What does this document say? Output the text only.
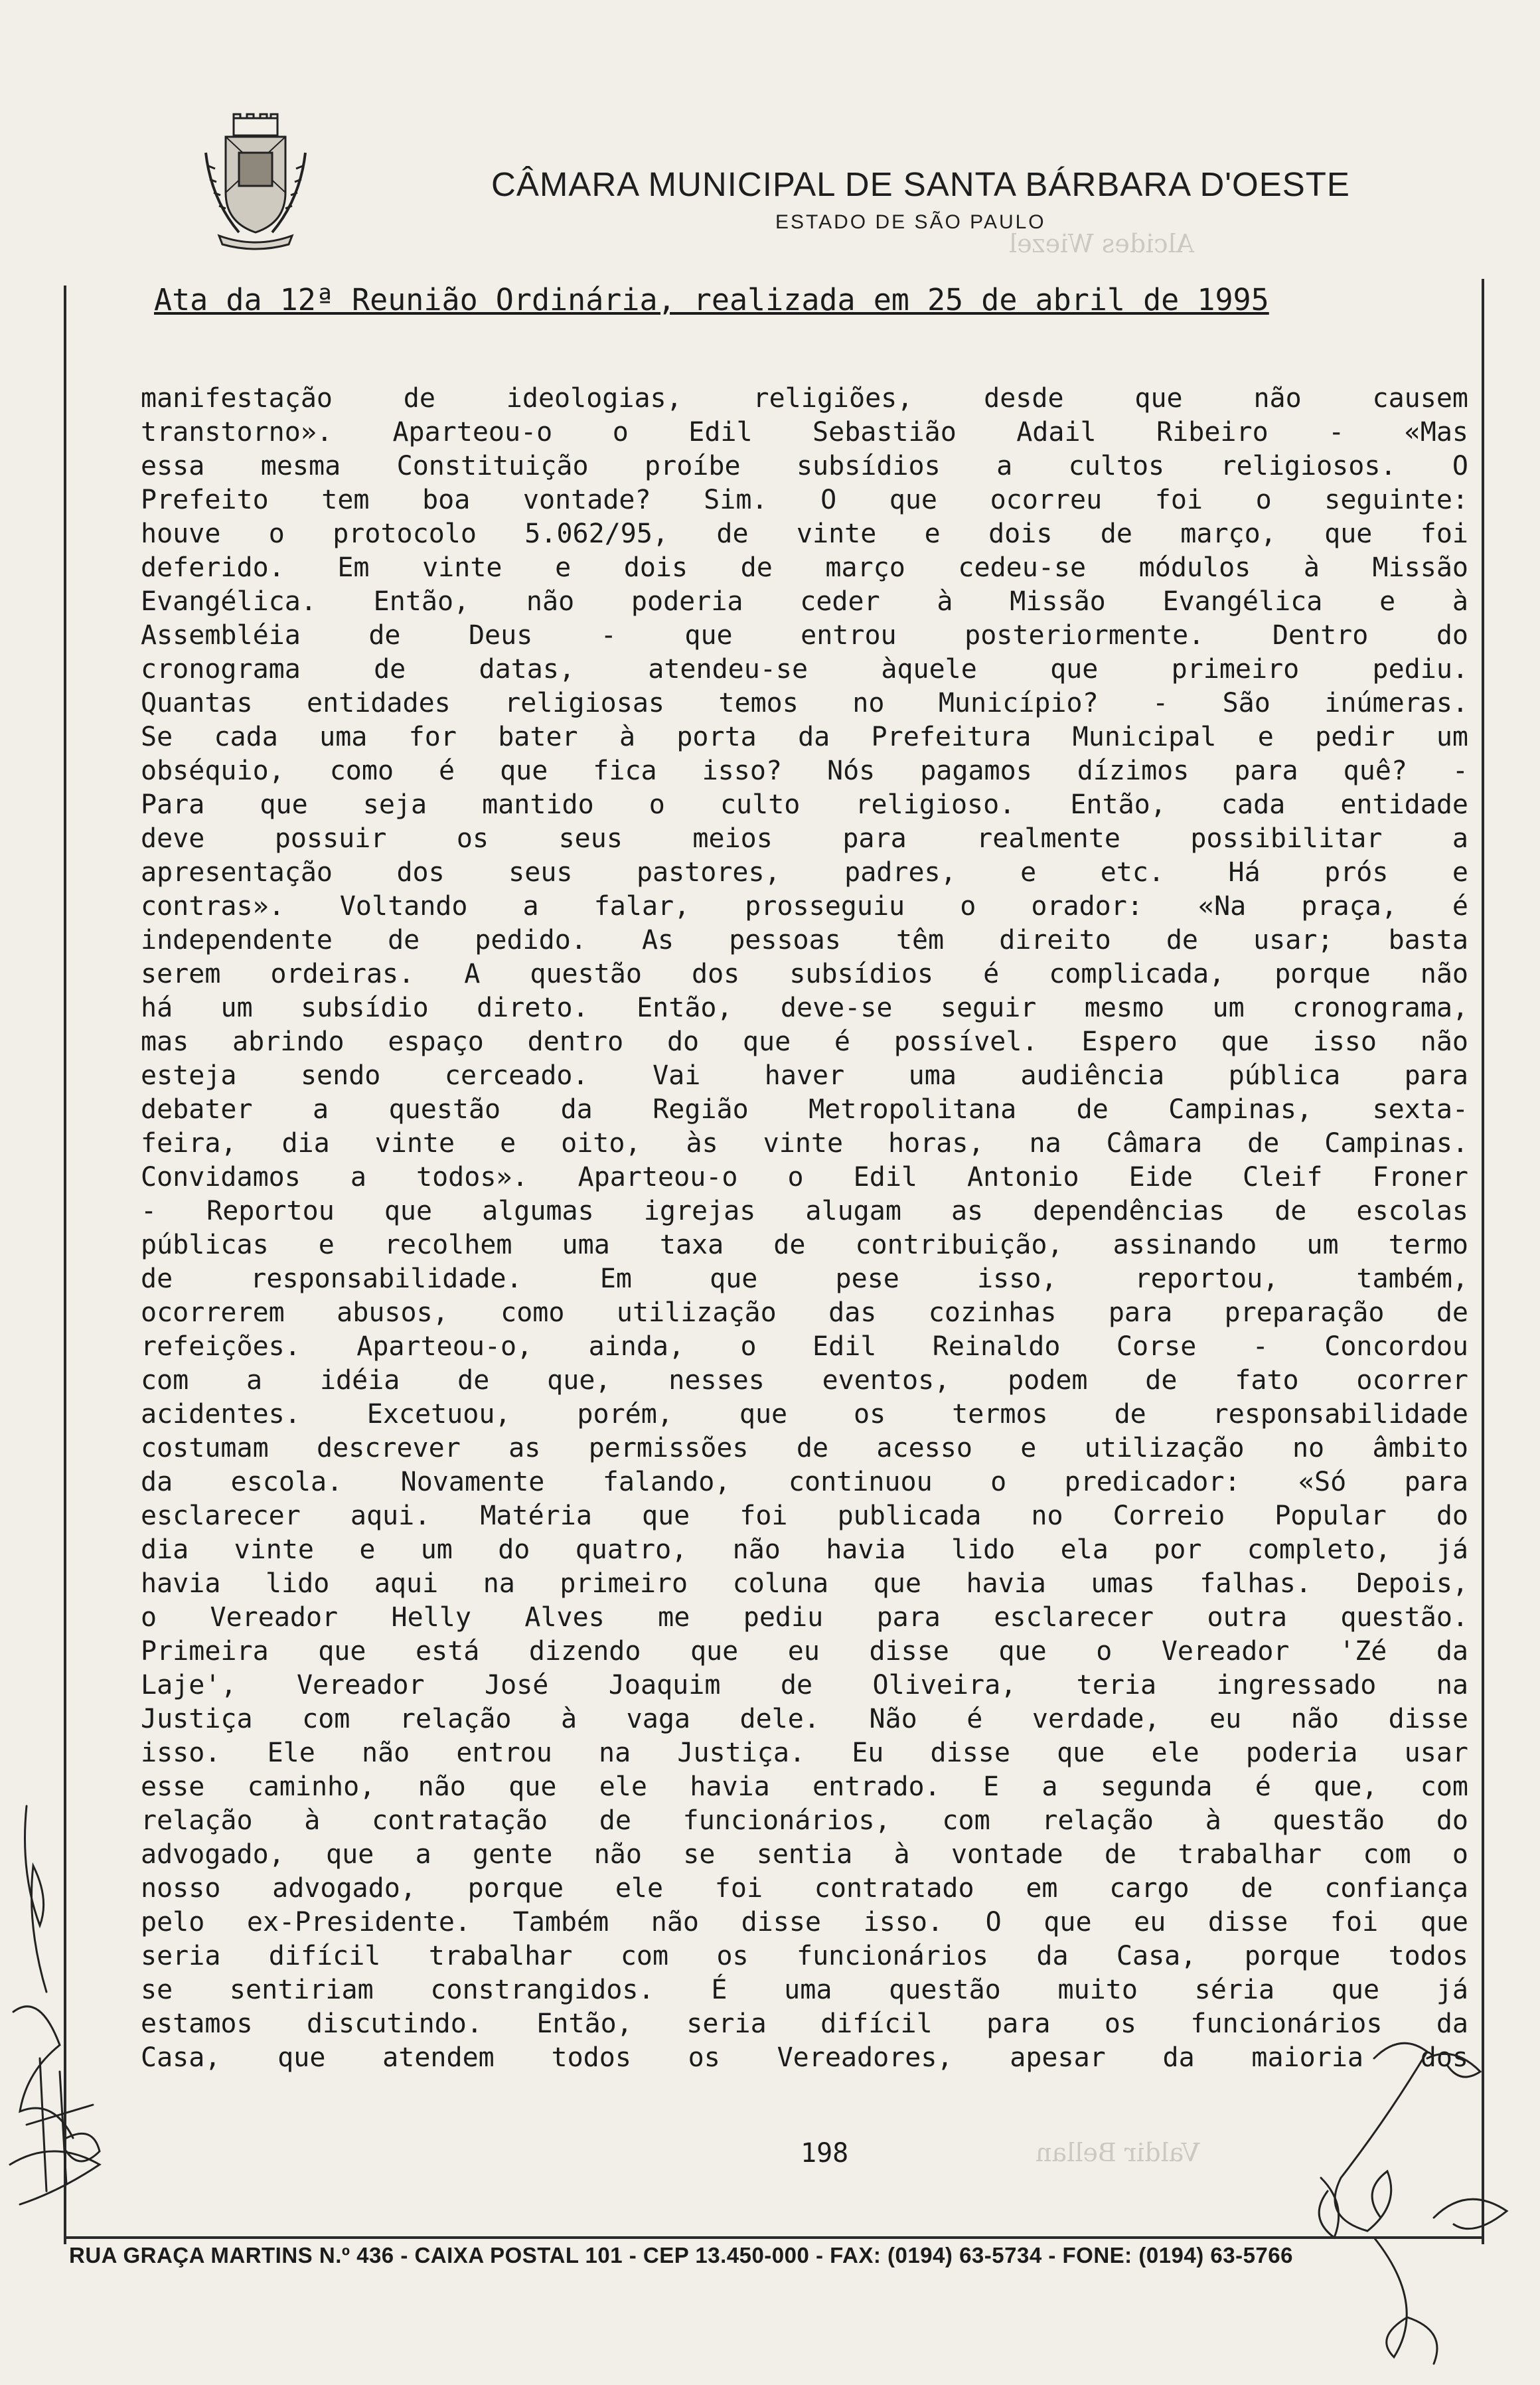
Alcides Wiezel
Valdir Bellan
CÂMARA MUNICIPAL DE SANTA BÁRBARA D'OESTE
ESTADO DE SÃO PAULO
Ata da 12ª Reunião Ordinária, realizada em 25 de abril de 1995
manifestação de ideologias, religiões, desde que não causem
transtorno». Aparteou-o o Edil Sebastião Adail Ribeiro - «Mas
essa mesma Constituição proíbe subsídios a cultos religiosos. O
Prefeito tem boa vontade? Sim. O que ocorreu foi o seguinte:
houve o protocolo 5.062/95, de vinte e dois de março, que foi
deferido. Em vinte e dois de março cedeu-se módulos à Missão
Evangélica. Então, não poderia ceder à Missão Evangélica e à
Assembléia de Deus - que entrou posteriormente. Dentro do
cronograma de datas, atendeu-se àquele que primeiro pediu.
Quantas entidades religiosas temos no Município? - São inúmeras.
Se cada uma for bater à porta da Prefeitura Municipal e pedir um
obséquio, como é que fica isso? Nós pagamos dízimos para quê? -
Para que seja mantido o culto religioso. Então, cada entidade
deve possuir os seus meios para realmente possibilitar a
apresentação dos seus pastores, padres, e etc. Há prós e
contras». Voltando a falar, prosseguiu o orador: «Na praça, é
independente de pedido. As pessoas têm direito de usar; basta
serem ordeiras. A questão dos subsídios é complicada, porque não
há um subsídio direto. Então, deve-se seguir mesmo um cronograma,
mas abrindo espaço dentro do que é possível. Espero que isso não
esteja sendo cerceado. Vai haver uma audiência pública para
debater a questão da Região Metropolitana de Campinas, sexta-
feira, dia vinte e oito, às vinte horas, na Câmara de Campinas.
Convidamos a todos». Aparteou-o o Edil Antonio Eide Cleif Froner
- Reportou que algumas igrejas alugam as dependências de escolas
públicas e recolhem uma taxa de contribuição, assinando um termo
de responsabilidade. Em que pese isso, reportou, também,
ocorrerem abusos, como utilização das cozinhas para preparação de
refeições. Aparteou-o, ainda, o Edil Reinaldo Corse - Concordou
com a idéia de que, nesses eventos, podem de fato ocorrer
acidentes. Excetuou, porém, que os termos de responsabilidade
costumam descrever as permissões de acesso e utilização no âmbito
da escola. Novamente falando, continuou o predicador: «Só para
esclarecer aqui. Matéria que foi publicada no Correio Popular do
dia vinte e um do quatro, não havia lido ela por completo, já
havia lido aqui na primeiro coluna que havia umas falhas. Depois,
o Vereador Helly Alves me pediu para esclarecer outra questão.
Primeira que está dizendo que eu disse que o Vereador 'Zé da
Laje', Vereador José Joaquim de Oliveira, teria ingressado na
Justiça com relação à vaga dele. Não é verdade, eu não disse
isso. Ele não entrou na Justiça. Eu disse que ele poderia usar
esse caminho, não que ele havia entrado. E a segunda é que, com
relação à contratação de funcionários, com relação à questão do
advogado, que a gente não se sentia à vontade de trabalhar com o
nosso advogado, porque ele foi contratado em cargo de confiança
pelo ex-Presidente. Também não disse isso. O que eu disse foi que
seria difícil trabalhar com os funcionários da Casa, porque todos
se sentiriam constrangidos. É uma questão muito séria que já
estamos discutindo. Então, seria difícil para os funcionários da
Casa, que atendem todos os Vereadores, apesar da maioria dos
198
RUA GRAÇA MARTINS N.º 436 - CAIXA POSTAL 101 - CEP 13.450-000 - FAX: (0194) 63-5734 - FONE: (0194) 63-5766
